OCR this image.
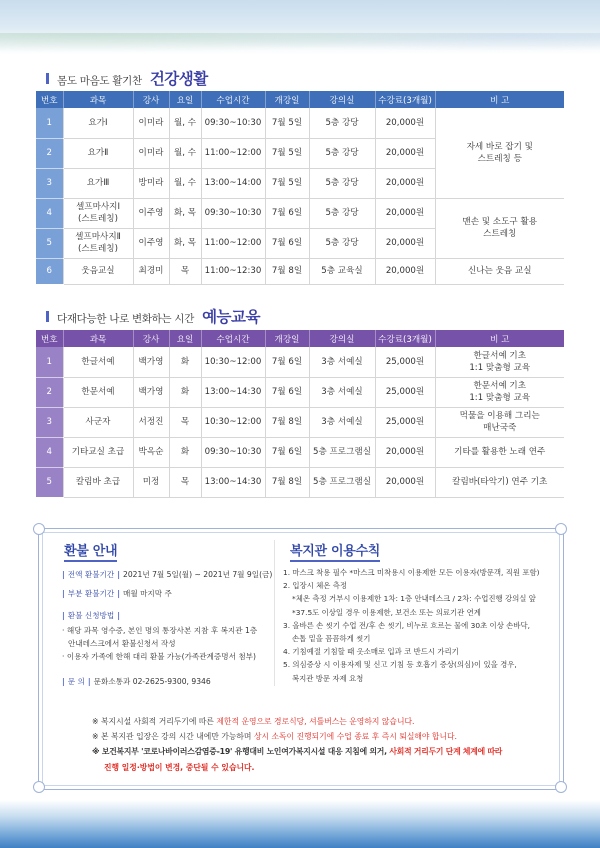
몸도 마음도 활기찬 건강생활
번호	과목	강사	요일	수업시간	개강일	강의실	수강료(3개월)	비 고
1	요가Ⅰ	이미라	월, 수	09:30~10:30	7월 5일	5층 강당	20,000원	자세 바로 잡기 및
스트레칭 등
2	요가Ⅱ	이미라	월, 수	11:00~12:00	7월 5일	5층 강당	20,000원	
3	요가Ⅲ	방미라	월, 수	13:00~14:00	7월 5일	5층 강당	20,000원	
4	셀프마사지Ⅰ
(스트레칭)	이주영	화, 목	09:30~10:30	7월 6일	5층 강당	20,000원	맨손 및 소도구 활용
스트레칭
5	셀프마사지Ⅱ
(스트레칭)	이주영	화, 목	11:00~12:00	7월 6일	5층 강당	20,000원	
6	웃음교실	최경미	목	11:00~12:30	7월 8일	5층 교육실	20,000원	신나는 웃음 교실
다재다능한 나로 변화하는 시간 예능교육
번호	과목	강사	요일	수업시간	개강일	강의실	수강료(3개월)	비 고
1	한글서예	백가영	화	10:30~12:00	7월 6일	3층 서예실	25,000원	한글서예 기초
1:1 맞춤형 교육
2	한문서예	백가영	화	13:00~14:30	7월 6일	3층 서예실	25,000원	한문서예 기초
1:1 맞춤형 교육
3	사군자	서정진	목	10:30~12:00	7월 8일	3층 서예실	25,000원	먹물을 이용해 그리는
매난국죽
4	기타교실 초급	박옥순	화	09:30~10:30	7월 6일	5층 프로그램실	20,000원	기타를 활용한 노래 연주
5	칼림바 초급	미정	목	13:00~14:30	7월 8일	5층 프로그램실	20,000원	칼림바(타악기) 연주 기초
환불 안내	복지관 이용수칙
| 전액 환불기간 | 2021년 7월 5일(월) ~ 2021년 7월 9일(금)
| 부분 환불기간 | 매월 마지막 주
| 환불 신청방법 |
· 해당 과목 영수증, 본인 명의 통장사본 지참 후 복지관 1층
안내데스크에서 환불신청서 작성
· 이용자 가족에 한해 대리 환불 가능(가족관계증명서 첨부)
| 문 의 | 문화소통과 02-2625-9300, 9346
1. 마스크 착용 필수 *마스크 미착용시 이용제한 모든 이용자(방문객, 직원 포함)
2. 입장시 체온 측정
*체온 측정 거부시 이용제한 1차: 1층 안내데스크 / 2차: 수업진행 강의실 앞
*37.5도 이상일 경우 이용제한, 보건소 또는 의료기관 연계
3. 올바른 손 씻기 수업 전/후 손 씻기, 비누로 흐르는 물에 30초 이상 손바닥,
손톱 밑을 꼼꼼하게 씻기
4. 기침예절 기침할 때 옷소매로 입과 코 반드시 가리기
5. 의심증상 시 이용자제 및 신고 기침 등 호흡기 증상(의심)이 있을 경우,
복지관 방문 자제 요청
※ 복지시설 사회적 거리두기에 따른 제한적 운영으로 경로식당, 셔틀버스는 운영하지 않습니다.
※ 본 복지관 입장은 강의 시간 내에만 가능하며 상시 소독이 진행되기에 수업 종료 후 즉시 퇴실해야 합니다.
※ 보건복지부 '코로나바이러스감염증-19' 유행대비 노인여가복지시설 대응 지침에 의거, 사회적 거리두기 단계 체계에 따라
진행 일정·방법이 변경, 중단될 수 있습니다.
